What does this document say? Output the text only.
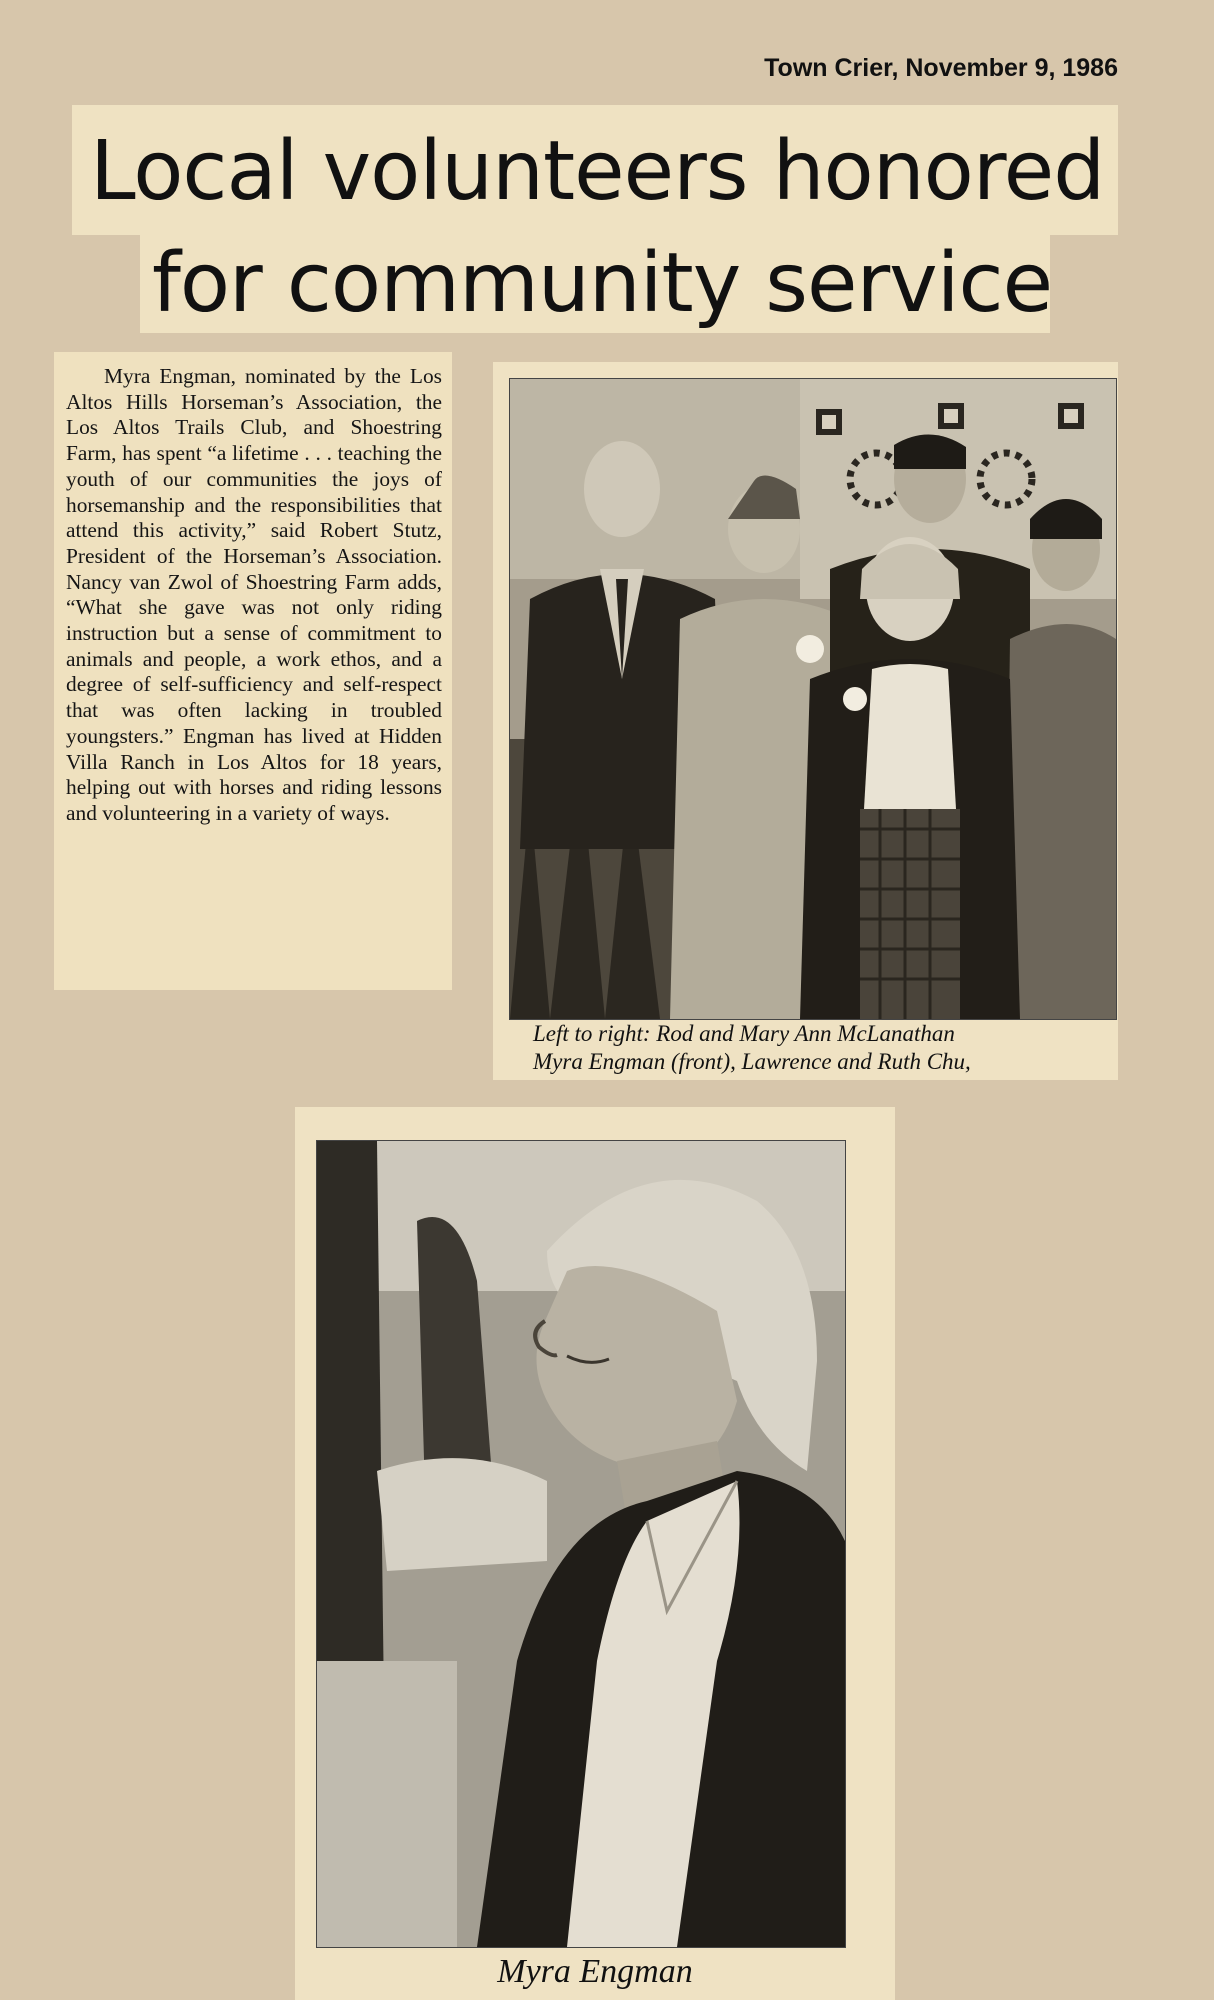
Town Crier, November 9, 1986
Local volunteers honored
for community service
Myra Engman, nominated by the Los Altos Hills Horseman’s Association, the Los Altos Trails Club, and Shoestring Farm, has spent “a lifetime . . . teaching the youth of our communities the joys of horsemanship and the responsibilities that attend this activity,” said Robert Stutz, President of the Horseman’s Association. Nancy van Zwol of Shoestring Farm adds, “What she gave was not only riding instruction but a sense of commitment to animals and people, a work ethos, and a degree of self-sufficiency and self-respect that was often lacking in troubled youngsters.” Engman has lived at Hidden Villa Ranch in Los Altos for 18 years, helping out with horses and riding lessons and volunteering in a variety of ways.
Left to right: Rod and Mary Ann McLanathan
Myra Engman (front), Lawrence and Ruth Chu,
Myra Engman
